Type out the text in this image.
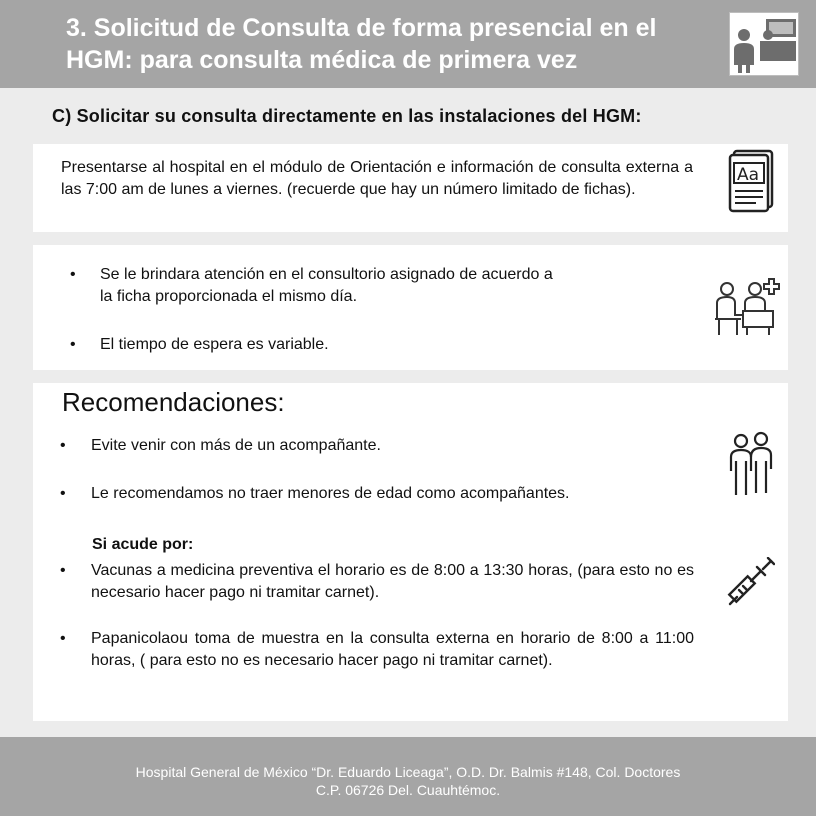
3. Solicitud de Consulta de forma presencial en el
HGM: para consulta médica de primera vez
C) Solicitar su consulta directamente en las instalaciones del HGM:

Presentarse al hospital en el módulo de Orientación e información de consulta externa a las 7:00 am de lunes a viernes. (recuerde que hay un número limitado de fichas).

Aa
• Se le brindara atención en el consultorio asignado de acuerdo a
la ficha proporcionada el mismo día.
• El tiempo de espera es variable.
• Evite venir con más de un acompañante.
• Le recomendamos no traer menores de edad como acompañantes.
• Vacunas a medicina preventiva el horario es de 8:00 a 13:30 horas, (para esto no es necesario hacer pago ni tramitar carnet).
• Papanicolaou toma de muestra en la consulta externa en horario de 8:00 a 11:00 horas, ( para esto no es necesario hacer pago ni tramitar carnet).
Recomendaciones:

Si acude por:

Hospital General de México “Dr. Eduardo Liceaga”, O.D. Dr. Balmis #148, Col. Doctores
C.P. 06726 Del. Cuauhtémoc.
